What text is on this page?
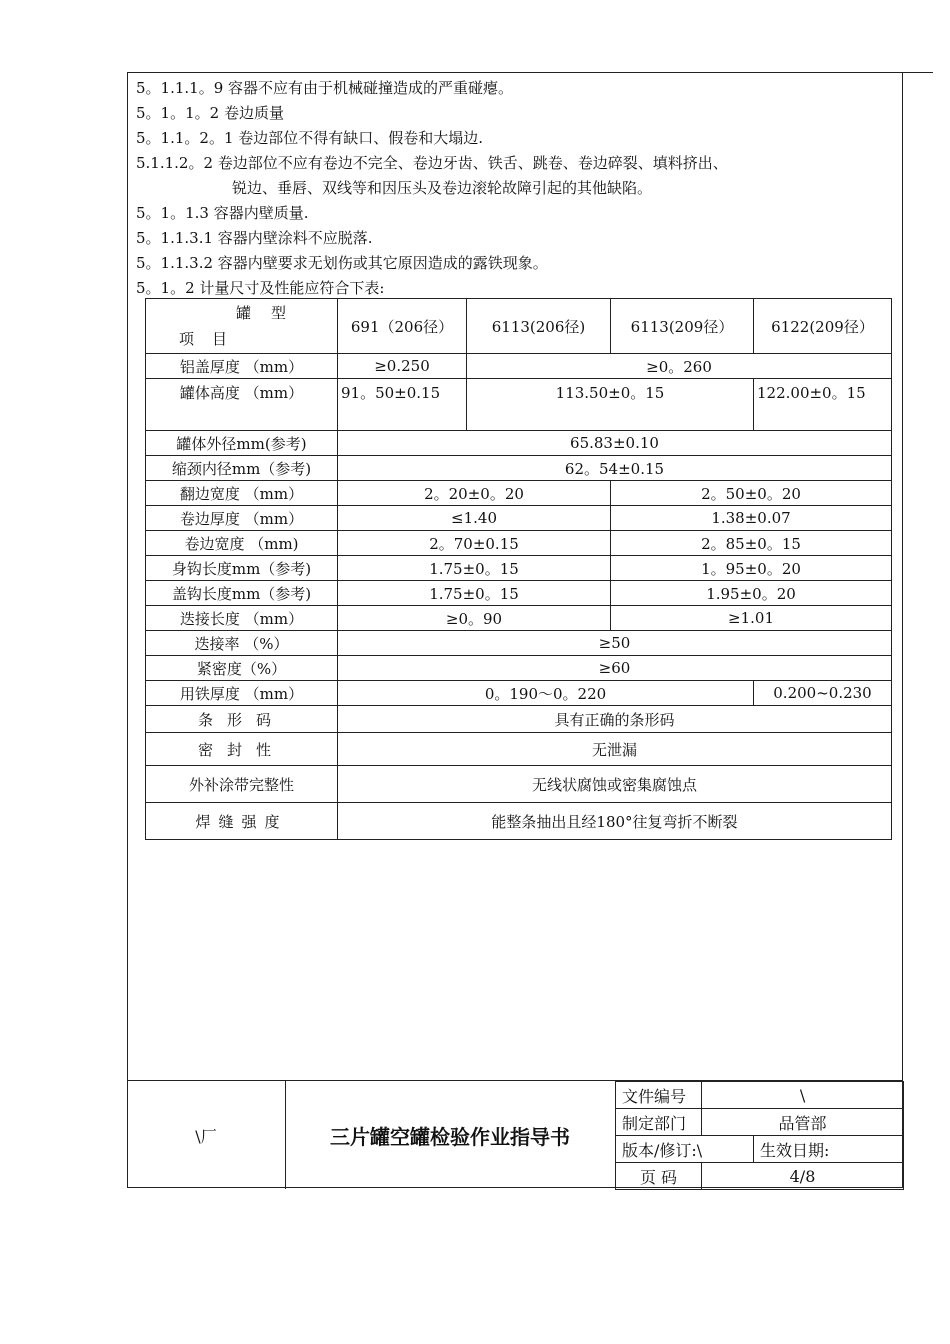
5。1.1.1。9 容器不应有由于机械碰撞造成的严重碰瘪。
5。1。1。2 卷边质量
5。1.1。2。1 卷边部位不得有缺口、假卷和大塌边.
5.1.1.2。2 卷边部位不应有卷边不完全、卷边牙齿、铁舌、跳卷、卷边碎裂、填料挤出、
锐边、垂唇、双线等和因压头及卷边滚轮故障引起的其他缺陷。
5。1。1.3 容器内壁质量.
5。1.1.3.1 容器内壁涂料不应脱落.
5。1.1.3.2 容器内壁要求无划伤或其它原因造成的露铁现象。
5。1。2 计量尺寸及性能应符合下表:
罐型
项目	691（206径）	6113(206径)	6113(209径）	6122(209径）
铝盖厚度 （mm）	≥0.250	≥0。260		
罐体高度 （mm）	91。50±0.15	113.50±0。15		122.00±0。15
罐体外径mm(参考)	65.83±0.10			
缩颈内径mm（参考)	62。54±0.15			
翻边宽度 （mm）	2。20±0。20		2。50±0。20	
卷边厚度 （mm）	≤1.40		1.38±0.07	
卷边宽度 （mm)	2。70±0.15		2。85±0。15	
身钩长度mm（参考)	1.75±0。15		1。95±0。20	
盖钩长度mm（参考)	1.75±0。15		1.95±0。20	
迭接长度 （mm）	≥0。90		≥1.01	
迭接率 （%）	≥50			
紧密度（%）	≥60			
用铁厚度 （mm）	0。190～0。220			0.200~0.230
条形码	具有正确的条形码			
密封性	无泄漏			
外补涂带完整性	无线状腐蚀或密集腐蚀点			
焊缝强度	能整条抽出且经180°往复弯折不断裂			
\厂	三片罐空罐检验作业指导书
文件编号	\	
制定部门	品管部	
版本/修订:\		生效日期:
页 码	4/8	
